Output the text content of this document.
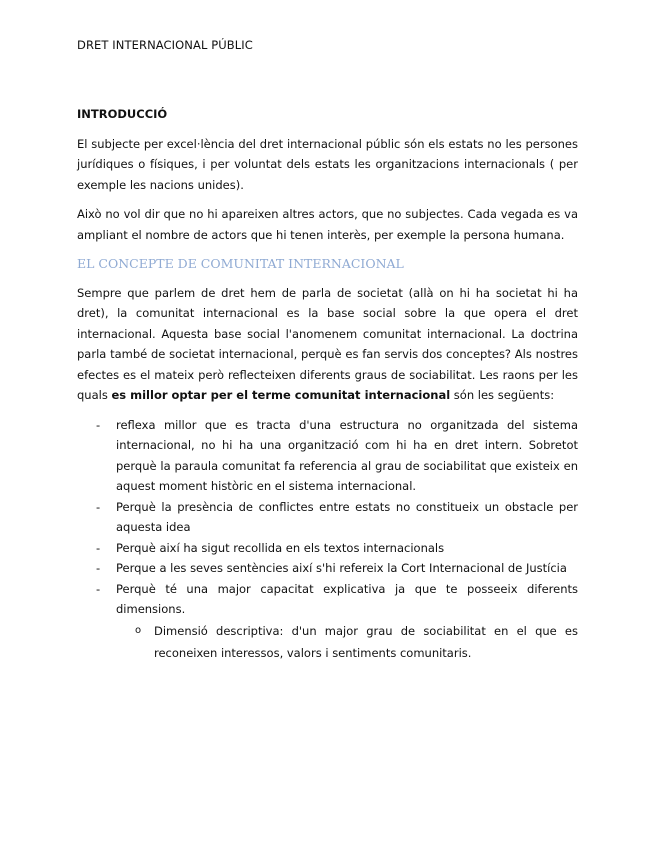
DRET INTERNACIONAL PÚBLIC
INTRODUCCIÓ

El subjecte per excel·lència del dret internacional públic són els estats no les persones jurídiques o físiques, i per voluntat dels estats les organitzacions internacionals ( per exemple les nacions unides).

Això no vol dir que no hi apareixen altres actors, que no subjectes. Cada vegada es va ampliant el nombre de actors que hi tenen interès, per exemple la persona humana.

EL CONCEPTE DE COMUNITAT INTERNACIONAL

Sempre que parlem de dret hem de parla de societat (allà on hi ha societat hi ha dret), la comunitat internacional es la base social sobre la que opera el dret internacional. Aquesta base social l'anomenem comunitat internacional. La doctrina parla també de societat internacional, perquè es fan servis dos conceptes? Als nostres efectes es el mateix però reflecteixen diferents graus de sociabilitat. Les raons per les quals es millor optar per el terme comunitat internacional són les següents:

- reflexa millor que es tracta d'una estructura no organitzada del sistema internacional, no hi ha una organització com hi ha en dret intern. Sobretot perquè la paraula comunitat fa referencia al grau de sociabilitat que existeix en aquest moment històric en el sistema internacional.
- Perquè la presència de conflictes entre estats no constitueix un obstacle per aquesta idea
- Perquè així ha sigut recollida en els textos internacionals
- Perque a les seves sentències així s'hi refereix la Cort Internacional de Justícia
- Perquè té una major capacitat explicativa ja que te posseeix diferents dimensions.
o Dimensió descriptiva: d'un major grau de sociabilitat en el que es reconeixen interessos, valors i sentiments comunitaris.
